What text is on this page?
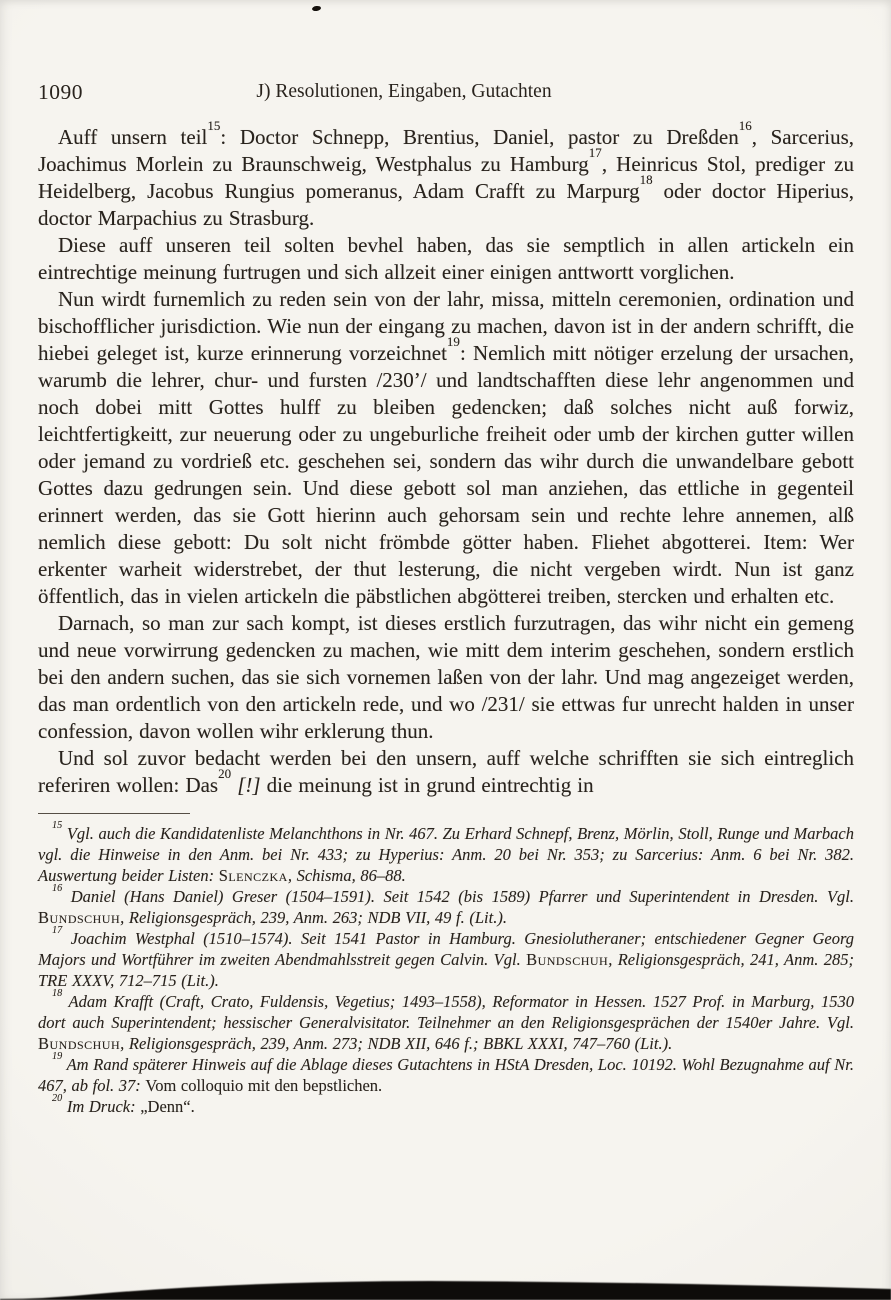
1090	J) Resolutionen, Eingaben, Gutachten

Auff unsern teil$^{15}$: Doctor Schnepp, Brentius, Daniel, pastor zu Dreßden$^{16}$, Sarcerius, Joachimus Morlein zu Braunschweig, Westphalus zu Hamburg$^{17}$, Heinricus Stol, prediger zu Heidelberg, Jacobus Rungius pomeranus, Adam Crafft zu Marpurg$^{18}$ oder doctor Hiperius, doctor Marpachius zu Strasburg.

Diese auff unseren teil solten bevhel haben, das sie semptlich in allen artickeln ein eintrechtige meinung furtrugen und sich allzeit einer einigen anttwortt vorglichen.

Nun wirdt furnemlich zu reden sein von der lahr, missa, mitteln ceremonien, ordination und bischofflicher jurisdiction. Wie nun der eingang zu machen, davon ist in der andern schrifft, die hiebei geleget ist, kurze erinnerung vorzeichnet$^{19}$: Nemlich mitt nötiger erzelung der ursachen, warumb die lehrer, chur- und fursten /230’/ und landtschafften diese lehr angenommen und noch dobei mitt Gottes hulff zu bleiben gedencken; daß solches nicht auß forwiz, leichtfertigkeitt, zur neuerung oder zu ungeburliche freiheit oder umb der kirchen gutter willen oder jemand zu vordrieß etc. geschehen sei, sondern das wihr durch die unwandelbare gebott Gottes dazu gedrungen sein. Und diese gebott sol man anziehen, das ettliche in gegenteil erinnert werden, das sie Gott hierinn auch gehorsam sein und rechte lehre annemen, alß nemlich diese gebott: Du solt nicht frömbde götter haben. Fliehet abgotterei. Item: Wer erkenter warheit widerstrebet, der thut lesterung, die nicht vergeben wirdt. Nun ist ganz öffentlich, das in vielen artickeln die päbstlichen abgötterei treiben, stercken und erhalten etc.

Darnach, so man zur sach kompt, ist dieses erstlich furzutragen, das wihr nicht ein gemeng und neue vorwirrung gedencken zu machen, wie mitt dem interim geschehen, sondern erstlich bei den andern suchen, das sie sich vornemen laßen von der lahr. Und mag angezeiget werden, das man ordentlich von den artickeln rede, und wo /231/ sie ettwas fur unrecht halden in unser confession, davon wollen wihr erklerung thun.

Und sol zuvor bedacht werden bei den unsern, auff welche schrifften sie sich eintreglich referiren wollen: Das$^{20}$ [!] die meinung ist in grund eintrechtig in

$^{15}$ Vgl. auch die Kandidatenliste Melanchthons in Nr. 467. Zu Erhard Schnepf, Brenz, Mörlin, Stoll, Runge und Marbach vgl. die Hinweise in den Anm. bei Nr. 433; zu Hyperius: Anm. 20 bei Nr. 353; zu Sarcerius: Anm. 6 bei Nr. 382. Auswertung beider Listen: Slenczka, Schisma, 86–88.

$^{16}$ Daniel (Hans Daniel) Greser (1504–1591). Seit 1542 (bis 1589) Pfarrer und Superintendent in Dresden. Vgl. Bundschuh, Religionsgespräch, 239, Anm. 263; NDB VII, 49 f. (Lit.).

$^{17}$ Joachim Westphal (1510–1574). Seit 1541 Pastor in Hamburg. Gnesiolutheraner; entschiedener Gegner Georg Majors und Wortführer im zweiten Abendmahlsstreit gegen Calvin. Vgl. Bundschuh, Religionsgespräch, 241, Anm. 285; TRE XXXV, 712–715 (Lit.).

$^{18}$ Adam Krafft (Craft, Crato, Fuldensis, Vegetius; 1493–1558), Reformator in Hessen. 1527 Prof. in Marburg, 1530 dort auch Superintendent; hessischer Generalvisitator. Teilnehmer an den Religionsgesprächen der 1540er Jahre. Vgl. Bundschuh, Religionsgespräch, 239, Anm. 273; NDB XII, 646 f.; BBKL XXXI, 747–760 (Lit.).

$^{19}$ Am Rand späterer Hinweis auf die Ablage dieses Gutachtens in HStA Dresden, Loc. 10192. Wohl Bezugnahme auf Nr. 467, ab fol. 37: Vom colloquio mit den bepstlichen.

$^{20}$ Im Druck: „Denn“.
